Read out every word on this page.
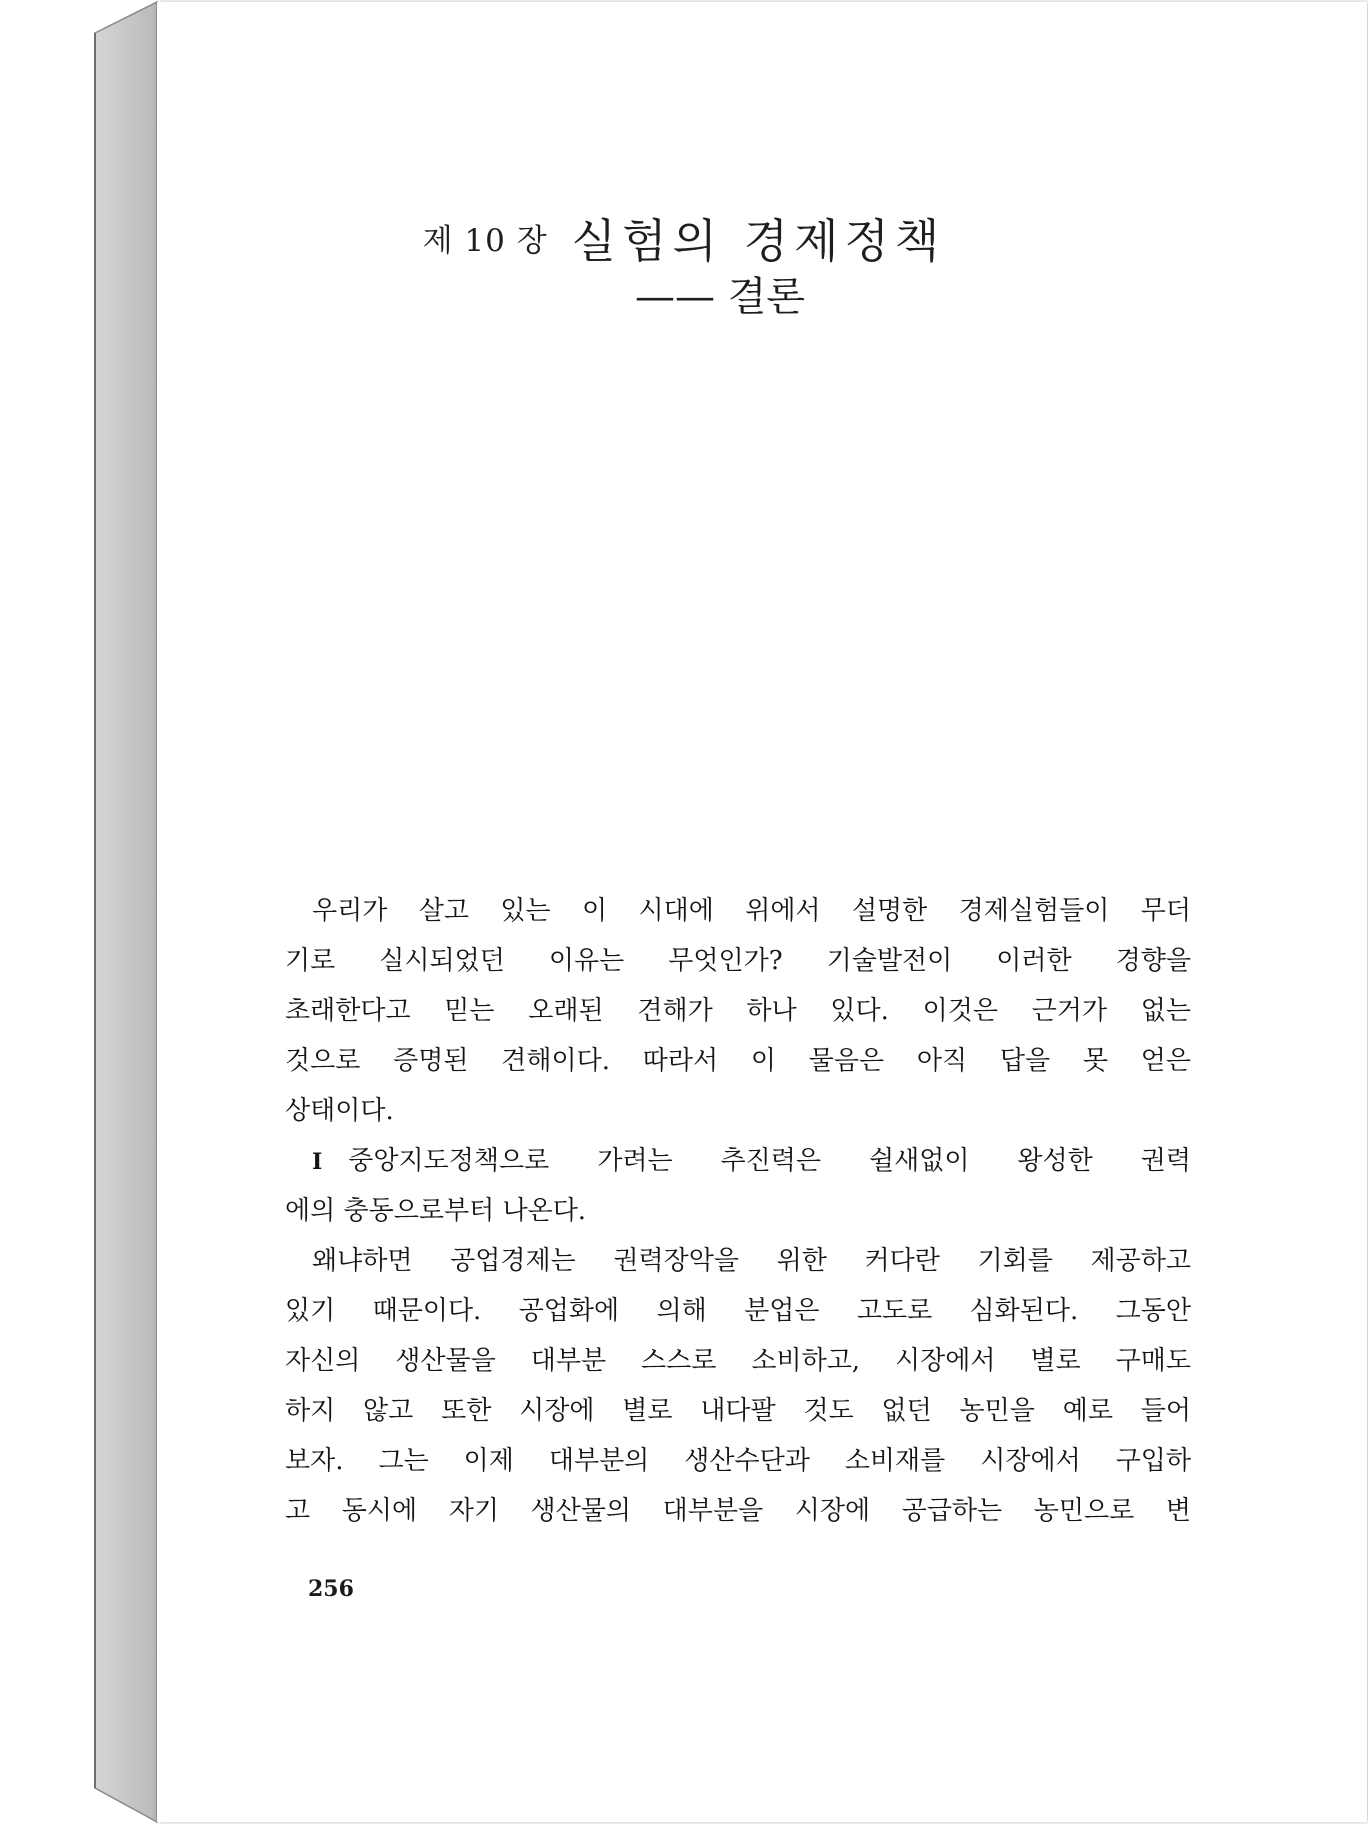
제 10 장 실험의 경제정책
—— 결론
우리가 살고 있는 이 시대에 위에서 설명한 경제실험들이 무더
기로 실시되었던 이유는 무엇인가? 기술발전이 이러한 경향을
초래한다고 믿는 오래된 견해가 하나 있다. 이것은 근거가 없는
것으로 증명된 견해이다. 따라서 이 물음은 아직 답을 못 얻은
상태이다.
I 중앙지도정책으로 가려는 추진력은 쉴새없이 왕성한 권력
에의 충동으로부터 나온다.
왜냐하면 공업경제는 권력장악을 위한 커다란 기회를 제공하고
있기 때문이다. 공업화에 의해 분업은 고도로 심화된다. 그동안
자신의 생산물을 대부분 스스로 소비하고, 시장에서 별로 구매도
하지 않고 또한 시장에 별로 내다팔 것도 없던 농민을 예로 들어
보자. 그는 이제 대부분의 생산수단과 소비재를 시장에서 구입하
고 동시에 자기 생산물의 대부분을 시장에 공급하는 농민으로 변
256
